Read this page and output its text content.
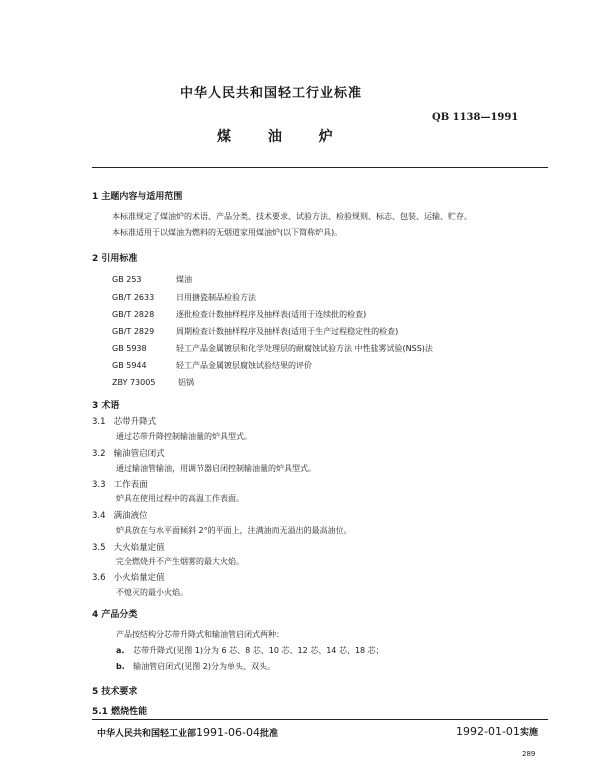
中华人民共和国轻工行业标准
QB 1138—1991
煤 油 炉
1 主题内容与适用范围
本标准规定了煤油炉的术语、产品分类、技术要求、试验方法、检验规则、标志、包装、运输、贮存。
本标准适用于以煤油为燃料的无烟道家用煤油炉(以下简称炉具)。
2 引用标准
GB 253	煤油
GB/T 2633	日用搪瓷制品检验方法
GB/T 2828	逐批检查计数抽样程序及抽样表(适用于连续批的检查)
GB/T 2829	周期检查计数抽样程序及抽样表(适用于生产过程稳定性的检查)
GB 5938	轻工产品金属镀层和化学处理层的耐腐蚀试验方法 中性盐雾试验(NSS)法
GB 5944	轻工产品金属镀层腐蚀试验结果的评价
ZBY 73005	铝锅
3 术语
3.1 芯带升降式
通过芯带升降控制输油量的炉具型式。
3.2 输油管启闭式
通过输油管输油，用调节器启闭控制输油量的炉具型式。
3.3 工作表面
炉具在使用过程中的高温工作表面。
3.4 满油液位
炉具放在与水平面倾斜 2°的平面上，注满油而无溢出的最高油位。
3.5 大火焰量定值
完全燃烧并不产生烟雾的最大火焰。
3.6 小火焰量定值
不熄灭的最小火焰。
4 产品分类
产品按结构分芯带升降式和输油管启闭式两种：
a. 芯带升降式(见图 1)分为 6 芯、8 芯、10 芯、12 芯、14 芯、18 芯；
b. 输油管启闭式(见图 2)分为单头、双头。
5 技术要求
5.1 燃烧性能
中华人民共和国轻工业部1991-06-04批准	1992-01-01实施
289
